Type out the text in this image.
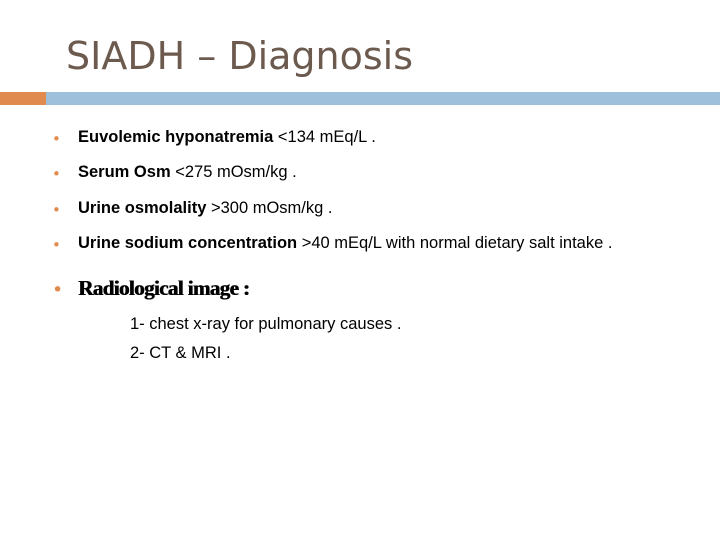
SIADH – Diagnosis
•	Euvolemic hyponatremia <134 mEq/L .
•	Serum Osm <275 mOsm/kg .
•	Urine osmolality >300 mOsm/kg .
•	Urine sodium concentration >40 mEq/L with normal dietary salt intake .
• Radiological image :
1- chest x-ray for pulmonary causes .
2- CT & MRI .
